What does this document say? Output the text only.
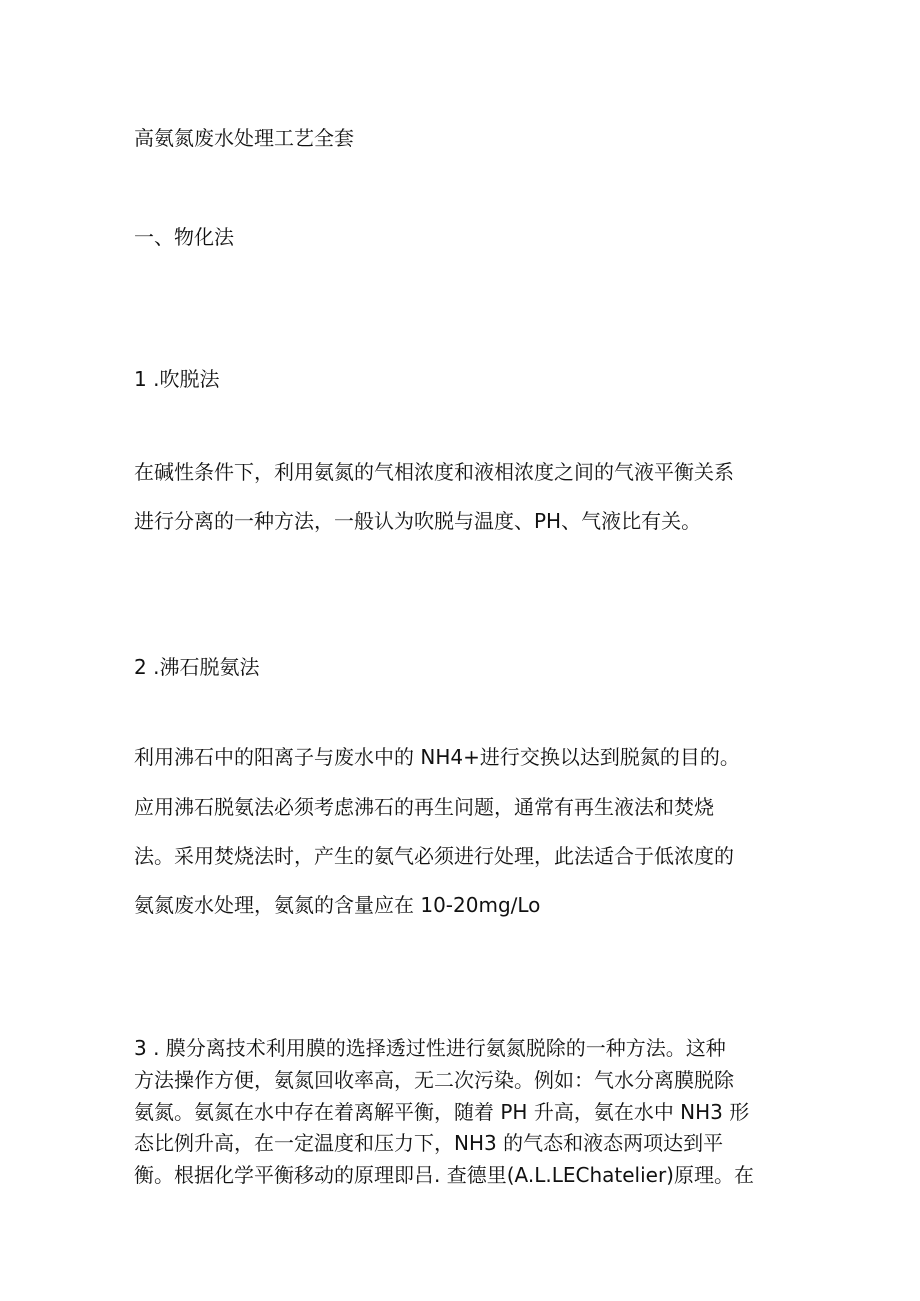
高氨氮废水处理工艺全套
一、物化法
1 .吹脱法
在碱性条件下，利用氨氮的气相浓度和液相浓度之间的气液平衡关系
进行分离的一种方法，一般认为吹脱与温度、PH、气液比有关。
2 .沸石脱氨法
利用沸石中的阳离子与废水中的 NH4+进行交换以达到脱氮的目的。
应用沸石脱氨法必须考虑沸石的再生问题，通常有再生液法和焚烧
法。采用焚烧法时，产生的氨气必须进行处理，此法适合于低浓度的
氨氮废水处理，氨氮的含量应在 10-20mg∕Lo
3 . 膜分离技术利用膜的选择透过性进行氨氮脱除的一种方法。这种
方法操作方便，氨氮回收率高，无二次污染。例如：气水分离膜脱除
氨氮。氨氮在水中存在着离解平衡，随着 PH 升高，氨在水中 NH3 形
态比例升高，在一定温度和压力下，NH3 的气态和液态两项达到平
衡。根据化学平衡移动的原理即吕. 查德里(A.L.LEChatelier)原理。在
